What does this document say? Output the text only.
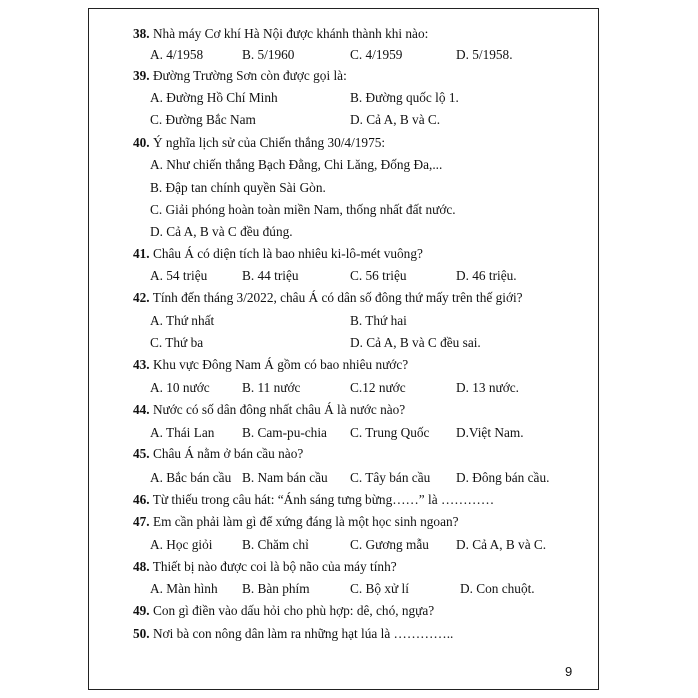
38. Nhà máy Cơ khí Hà Nội được khánh thành khi nào:
A. 4/1958	B. 5/1960	C. 4/1959	D. 5/1958.
39. Đường Trường Sơn còn được gọi là:
A. Đường Hồ Chí Minh	B. Đường quốc lộ 1.
C. Đường Bắc Nam	D. Cả A, B và C.
40. Ý nghĩa lịch sử của Chiến thắng 30/4/1975:
A. Như chiến thắng Bạch Đằng, Chi Lăng, Đống Đa,...
B. Đập tan chính quyền Sài Gòn.
C. Giải phóng hoàn toàn miền Nam, thống nhất đất nước.
D. Cả A, B và C đều đúng.
41. Châu Á có diện tích là bao nhiêu ki-lô-mét vuông?
A. 54 triệu	B. 44 triệu	C. 56 triệu	D. 46 triệu.
42. Tính đến tháng 3/2022, châu Á có dân số đông thứ mấy trên thế giới?
A. Thứ nhất	B. Thứ hai
C. Thứ ba	D. Cả A, B và C đều sai.
43. Khu vực Đông Nam Á gồm có bao nhiêu nước?
A. 10 nước B. 11 nước	C.12 nước	D. 13 nước.
44. Nước có số dân đông nhất châu Á là nước nào?
A. Thái Lan B. Cam-pu-chia C. Trung Quốc D.Việt Nam.
45. Châu Á nằm ở bán cầu nào?
A. Bắc bán cầu B. Nam bán cầu C. Tây bán cầu D. Đông bán cầu.
46. Từ thiếu trong câu hát: “Ánh sáng tưng bừng……” là …………
47. Em cần phải làm gì để xứng đáng là một học sinh ngoan?
A. Học giỏi B. Chăm chỉ	C. Gương mẫu D. Cả A, B và C.
48. Thiết bị nào được coi là bộ não của máy tính?
A. Màn hình B. Bàn phím	C. Bộ xử lí	D. Con chuột.
49. Con gì điền vào dấu hỏi cho phù hợp: dê, chó, ngựa?
50. Nơi bà con nông dân làm ra những hạt lúa là …………..
9
